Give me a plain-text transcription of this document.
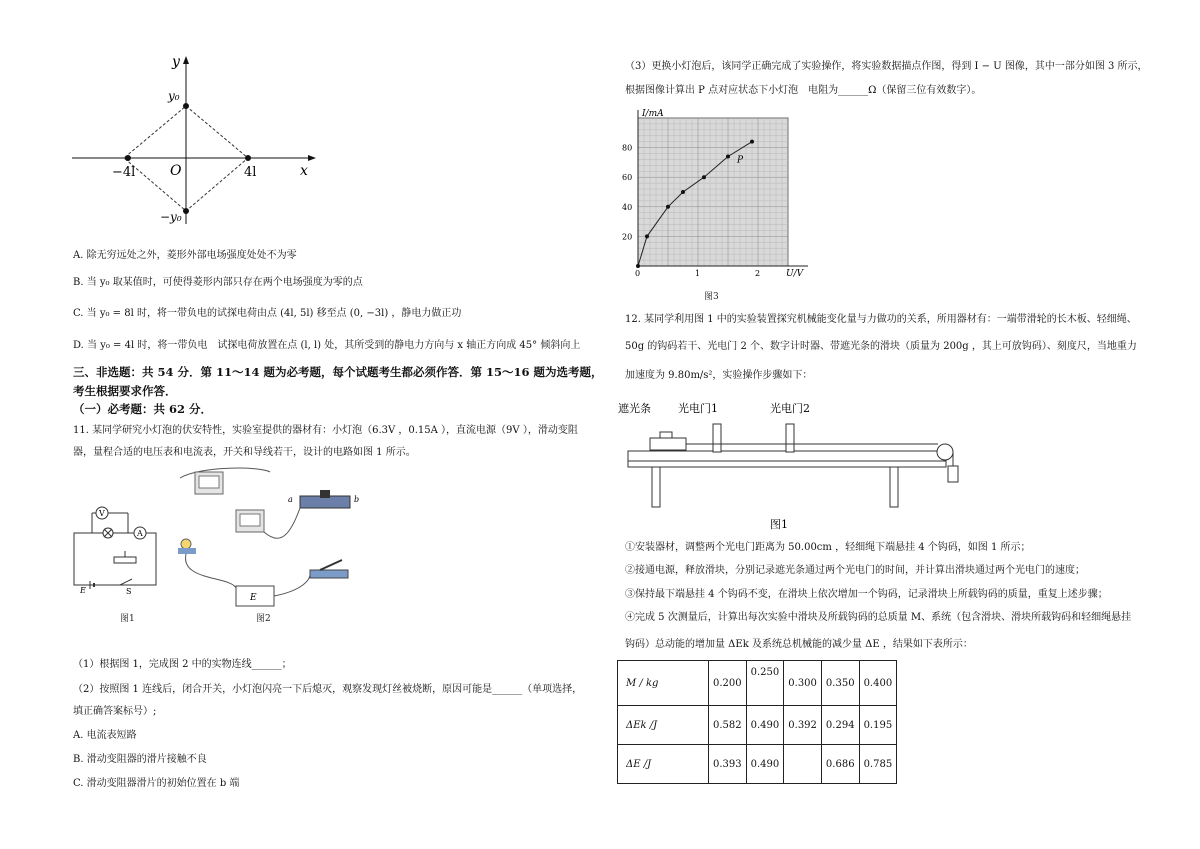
y
x
O
y₀
−y₀
−4l	4l
A. 除无穷远处之外，菱形外部电场强度处处不为零
B. 当 y₀ 取某值时，可使得菱形内部只存在两个电场强度为零的点
C. 当 y₀ = 8l 时，将一带负电的试探电荷由点 (4l, 5l) 移至点 (0, −3l) ，静电力做正功
D. 当 y₀ = 4l 时，将一带负电　试探电荷放置在点 (l, l) 处，其所受到的静电力方向与 x 轴正方向成 45° 倾斜向上
三、非选题：共 54 分．第 11～14 题为必考题，每个试题考生都必须作答．第 15～16 题为选考题，
考生根据要求作答．
（一）必考题：共 62 分．
11. 某同学研究小灯泡的伏安特性，实验室提供的器材有：小灯泡（6.3V ，0.15A ），直流电源（9V ），滑动变阻
器，量程合适的电压表和电流表，开关和导线若干，设计的电路如图 1 所示。
V
A
E	S
图1
a	b
E
图2
（1）根据图 1，完成图 2 中的实物连线______；
（2）按照图 1 连线后，闭合开关，小灯泡闪亮一下后熄灭，观察发现灯丝被烧断，原因可能是______（单项选择，
填正确答案标号）;
A. 电流表短路
B. 滑动变阻器的滑片接触不良
C. 滑动变阻器滑片的初始位置在 b 端
（3）更换小灯泡后，该同学正确完成了实验操作，将实验数据描点作图，得到 I − U 图像，其中一部分如图 3 所示，
根据图像计算出 P 点对应状态下小灯泡　电阻为______Ω（保留三位有效数字）。
20
40
60
80
0	1	2
I/mA
U/V
P
图3
12. 某同学利用图 1 中的实验装置探究机械能变化量与力做功的关系，所用器材有：一端带滑轮的长木板、轻细绳、
50g 的钩码若干、光电门 2 个、数字计时器、带遮光条的滑块（质量为 200g ，其上可放钩码）、刻度尺，当地重力
加速度为 9.80m/s²，实验操作步骤如下：
遮光条 光电门1	光电门2
图1
①安装器材，调整两个光电门距离为 50.00cm ，轻细绳下端悬挂 4 个钩码，如图 1 所示；
②接通电源，释放滑块，分别记录遮光条通过两个光电门的时间，并计算出滑块通过两个光电门的速度；
③保持最下端悬挂 4 个钩码不变，在滑块上依次增加一个钩码，记录滑块上所载钩码的质量，重复上述步骤；
④完成 5 次测量后，计算出每次实验中滑块及所载钩码的总质量 M、系统（包含滑块、滑块所载钩码和轻细绳悬挂
钩码）总动能的增加量 ΔEk 及系统总机械能的减少量 ΔE ，结果如下表所示：
M / kg	0.200	0.250	0.300	0.350	0.400
ΔEk /J	0.582	0.490	0.392	0.294	0.195
ΔE /J	0.393	0.490		0.686	0.785
